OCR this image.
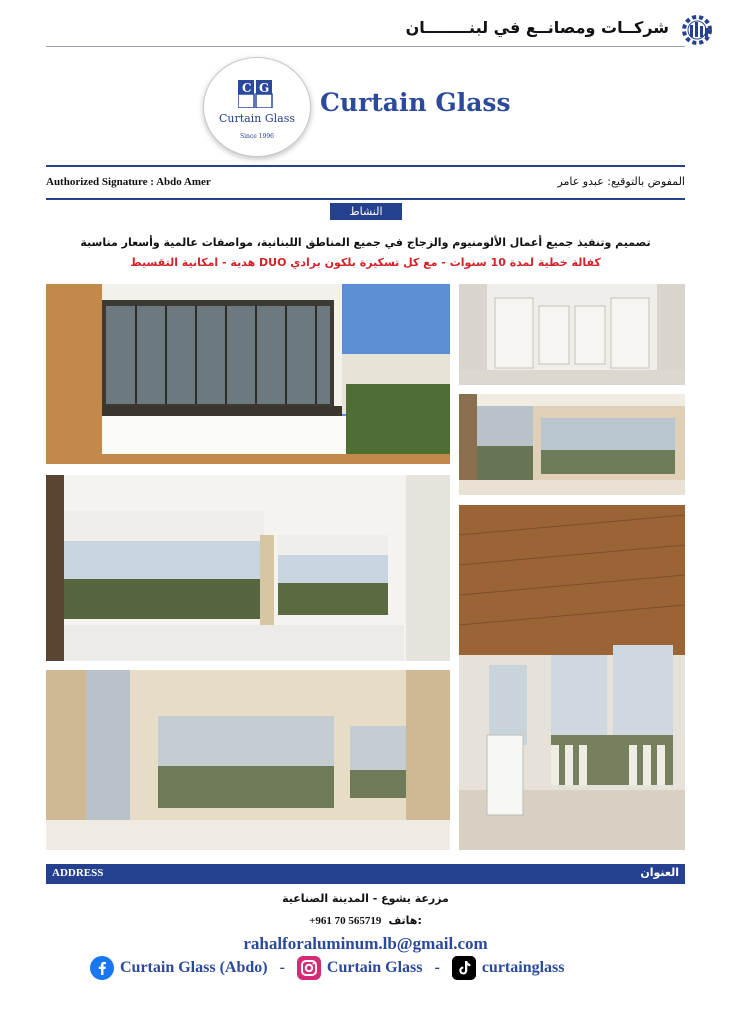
شركــات ومصانــع في لبنــــــــان
C G
Curtain Glass
Since 1996
Curtain Glass
Authorized Signature : Abdo Amer	المفوض بالتوقيع: عبدو عامر
النشاط
تصميم وتنفيذ جميع أعمال الألومنيوم والزجاج في جميع المناطق اللبنانية، مواصفات عالمية وأسعار مناسبة
كفالة خطية لمدة 10 سنوات - مع كل تسكيرة بلكون برادي DUO هدية - امكانية التقسيط
ADDRESS	العنوان
مزرعة يشوع - المدينة الصناعية
+961 70 565719 هاتف:
rahalforaluminum.lb@gmail.com
Curtain Glass (Abdo) -	Curtain Glass -	curtainglass
